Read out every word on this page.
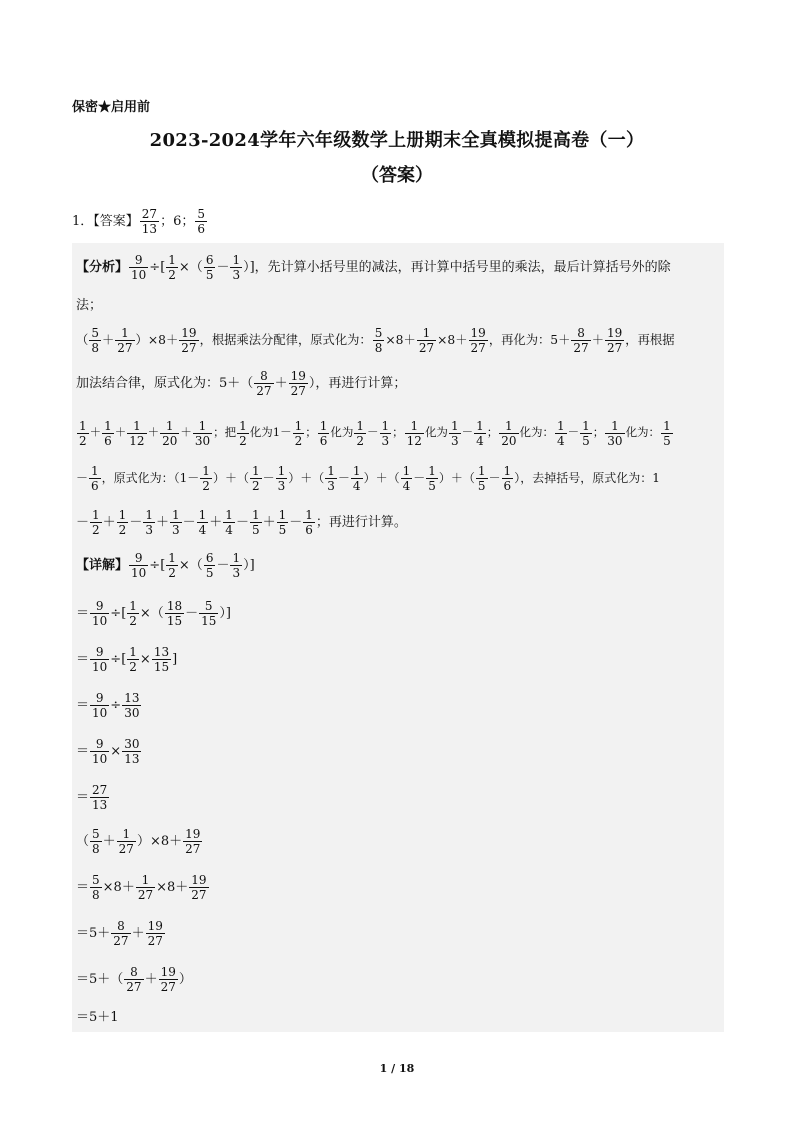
保密★启用前
2023-2024学年六年级数学上册期末全真模拟提高卷（一）
（答案）
1．【答案】 $\frac{27}{13}$ ；6； $\frac{5}{6}$
【分析】 $\frac{9}{10}$ ÷[ $\frac{1}{2}$ ×（ $\frac{6}{5} - \frac{1}{3}$ ）]，先计算小括号里的减法，再计算中括号里的乘法，最后计算括号外的除
法；
（ $\frac{5}{8} + \frac{1}{27} )\times 8+ \frac{19}{27}$ ，根据乘法分配律，原式化为： $\frac{5}{8} \times 8+ \frac{1}{27} \times 8+ \frac{19}{27}$ ，再化为：$5+ \frac{8}{27} + \frac{19}{27}$ ，再根据
加法结合律，原式化为：$5+( \frac{8}{27} + \frac{19}{27}$ ），再进行计算；
$\frac{1}{2} + \frac{1}{6} + \frac{1}{12} + \frac{1}{20} + \frac{1}{30}$ ；把 $\frac{1}{2}$ 化为$1- \frac{1}{2}$ ； $\frac{1}{6}$ 化为 $\frac{1}{2} - \frac{1}{3}$ ； $\frac{1}{12}$ 化为 $\frac{1}{3} - \frac{1}{4}$ ； $\frac{1}{20}$ 化为： $\frac{1}{4} - \frac{1}{5}$ ； $\frac{1}{30}$ 化为： $\frac{1}{5}$
－ $\frac{1}{6}$ ，原式化为：（$1- \frac{1}{2}$ ）＋（ $\frac{1}{2} - \frac{1}{3}$ ）＋（ $\frac{1}{3} - \frac{1}{4}$ ）＋（ $\frac{1}{4} - \frac{1}{5}$ ）＋（ $\frac{1}{5} - \frac{1}{6}$ ），去掉括号，原式化为：1
－ $\frac{1}{2} + \frac{1}{2} - \frac{1}{3} + \frac{1}{3} - \frac{1}{4} + \frac{1}{4} - \frac{1}{5} + \frac{1}{5} - \frac{1}{6}$ ；再进行计算。
【详解】 $\frac{9}{10}$ ÷[ $\frac{1}{2}$ ×（ $\frac{6}{5} - \frac{1}{3}$ ）]
＝ $\frac{9}{10}$ ÷[ $\frac{1}{2}$ ×（ $\frac{18}{15} - \frac{5}{15}$ ）]
＝ $\frac{9}{10}$ ÷[ $\frac{1}{2} \times \frac{13}{15}$ ]
＝ $\frac{9}{10} \div \frac{13}{30}$
＝ $\frac{9}{10} \times \frac{30}{13}$
＝ $\frac{27}{13}$
（ $\frac{5}{8} + \frac{1}{27} )\times 8+ \frac{19}{27}$
＝ $\frac{5}{8} \times 8+ \frac{1}{27} \times 8+ \frac{19}{27}$
$=5+ \frac{8}{27} + \frac{19}{27}$
$=5+( \frac{8}{27} + \frac{19}{27}$ ）
＝5＋1
1 / 18
